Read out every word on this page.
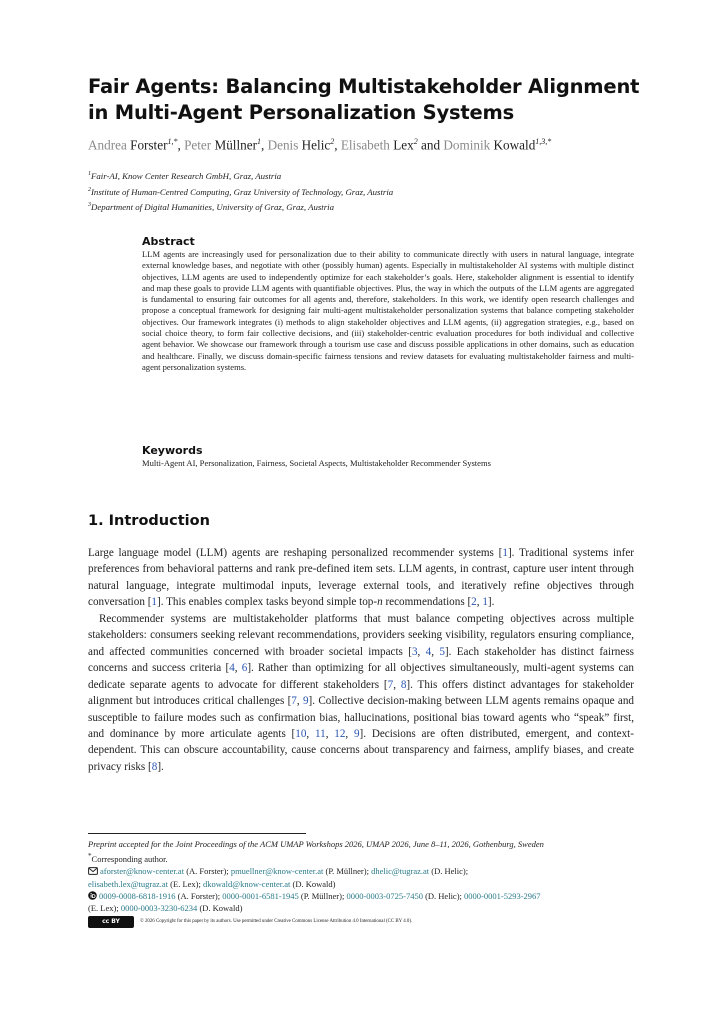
Fair Agents: Balancing Multistakeholder Alignment in Multi-Agent Personalization Systems
Andrea Forster$^{1,*}$, Peter Müllner$^1$, Denis Helic$^2$, Elisabeth Lex$^2$ and Dominik Kowald$^{1,3,*}$
$^1$Fair-AI, Know Center Research GmbH, Graz, Austria
$^2$Institute of Human-Centred Computing, Graz University of Technology, Graz, Austria
$^3$Department of Digital Humanities, University of Graz, Graz, Austria
Abstract

LLM agents are increasingly used for personalization due to their ability to communicate directly with users in natural language, integrate external knowledge bases, and negotiate with other (possibly human) agents. Especially in multistakeholder AI systems with multiple distinct objectives, LLM agents are used to independently optimize for each stakeholder’s goals. Here, stakeholder alignment is essential to identify and map these goals to provide LLM agents with quantifiable objectives. Plus, the way in which the outputs of the LLM agents are aggregated is fundamental to ensuring fair outcomes for all agents and, therefore, stakeholders. In this work, we identify open research challenges and propose a conceptual framework for designing fair multi-agent multistakeholder personalization systems that balance competing stakeholder objectives. Our framework integrates (i) methods to align stakeholder objectives and LLM agents, (ii) aggregation strategies, e.g., based on social choice theory, to form fair collective decisions, and (iii) stakeholder-centric evaluation procedures for both individual and collective agent behavior. We showcase our framework through a tourism use case and discuss possible applications in other domains, such as education and healthcare. Finally, we discuss domain-specific fairness tensions and review datasets for evaluating multistakeholder fairness and multi-agent personalization systems.

Keywords

Multi-Agent AI, Personalization, Fairness, Societal Aspects, Multistakeholder Recommender Systems

1. Introduction

Large language model (LLM) agents are reshaping personalized recommender systems [1]. Traditional systems infer preferences from behavioral patterns and rank pre-defined item sets. LLM agents, in contrast, capture user intent through natural language, integrate multimodal inputs, leverage external tools, and iteratively refine objectives through conversation [1]. This enables complex tasks beyond simple top-n recommendations [2, 1].

Recommender systems are multistakeholder platforms that must balance competing objectives across multiple stakeholders: consumers seeking relevant recommendations, providers seeking visibility, regulators ensuring compliance, and affected communities concerned with broader societal impacts [3, 4, 5]. Each stakeholder has distinct fairness concerns and success criteria [4, 6]. Rather than optimizing for all objectives simultaneously, multi-agent systems can dedicate separate agents to advocate for different stakeholders [7, 8]. This offers distinct advantages for stakeholder alignment but introduces critical challenges [7, 9]. Collective decision-making between LLM agents remains opaque and susceptible to failure modes such as confirmation bias, hallucinations, positional bias toward agents who “speak” first, and dominance by more articulate agents [10, 11, 12, 9]. Decisions are often distributed, emergent, and context-dependent. This can obscure accountability, cause concerns about transparency and fairness, amplify biases, and create privacy risks [8].

Preprint accepted for the Joint Proceedings of the ACM UMAP Workshops 2026, UMAP 2026, June 8–11, 2026, Gothenburg, Sweden
*Corresponding author.
aforster@know-center.at (A. Forster); pmuellner@know-center.at (P. Müllner); dhelic@tugraz.at (D. Helic);
elisabeth.lex@tugraz.at (E. Lex); dkowald@know-center.at (D. Kowald)
0009-0008-6818-1916 (A. Forster); 0000-0001-6581-1945 (P. Müllner); 0000-0003-0725-7450 (D. Helic); 0000-0001-5293-2967
(E. Lex); 0000-0003-3230-6234 (D. Kowald)
cc BY	© 2026 Copyright for this paper by its authors. Use permitted under Creative Commons License Attribution 4.0 International (CC BY 4.0).
